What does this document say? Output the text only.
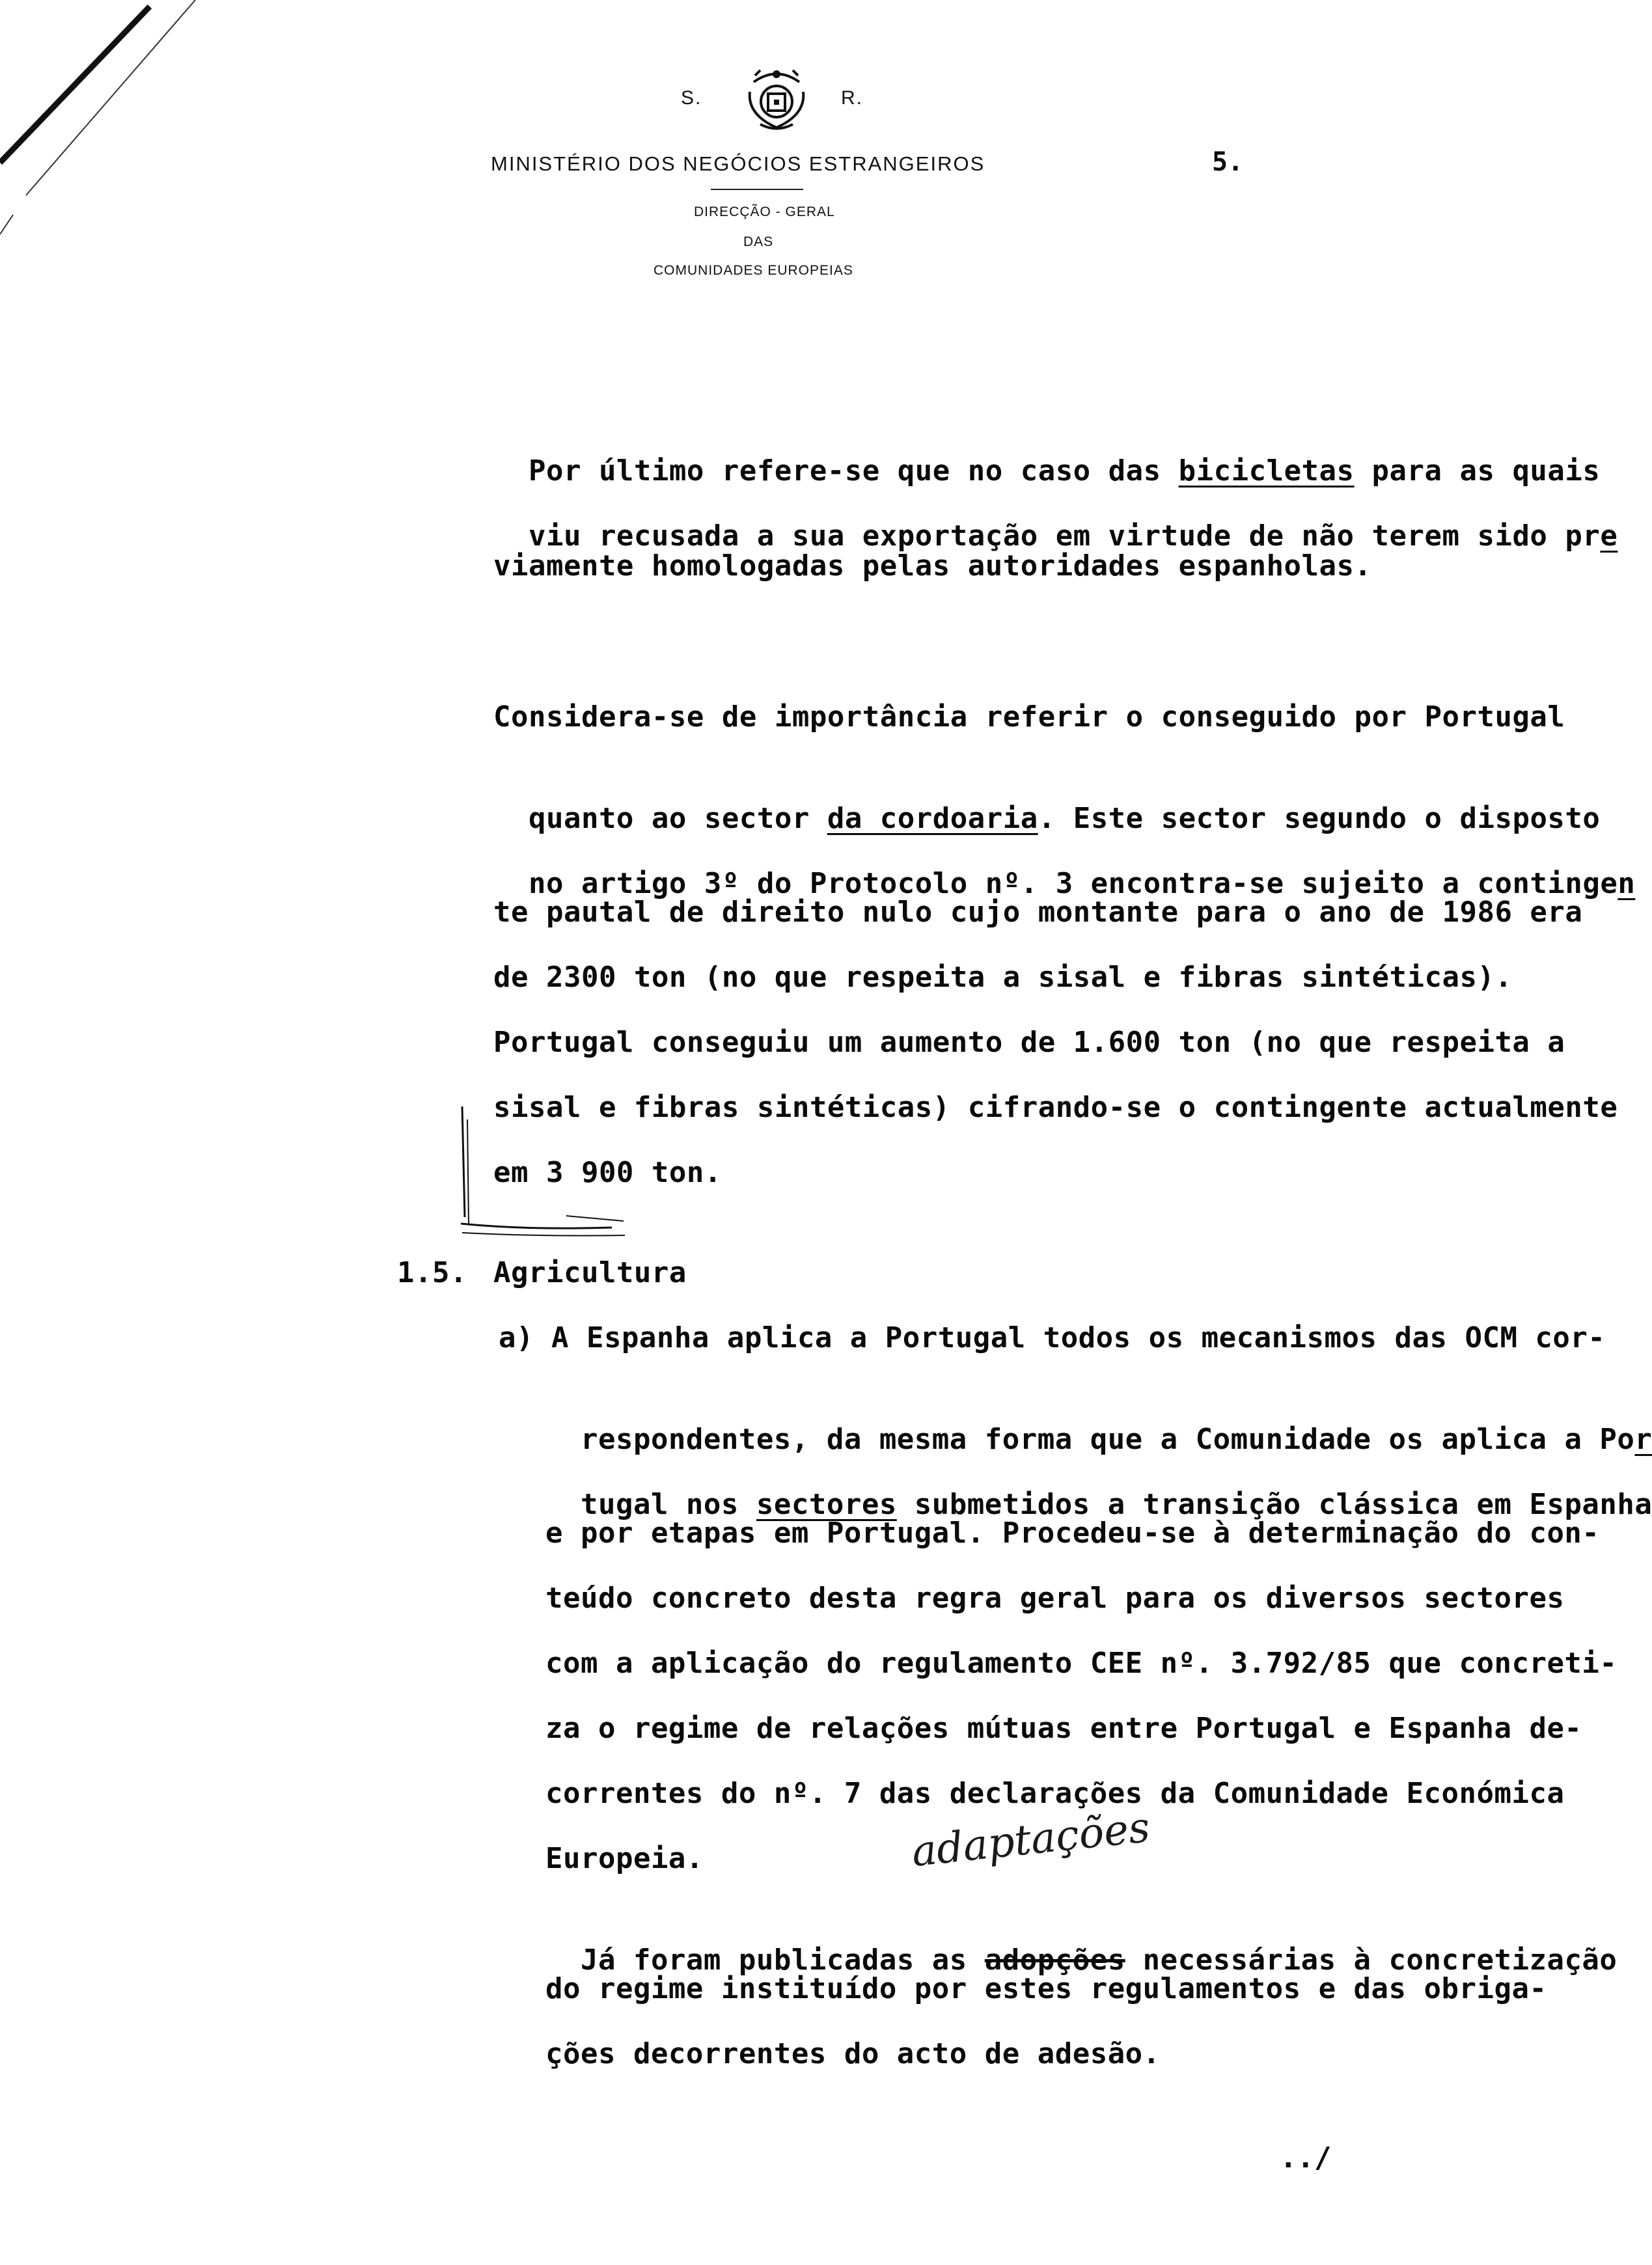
S.	R.
MINISTÉRIO DOS NEGÓCIOS ESTRANGEIROS	5.
DIRECÇÃO - GERAL
DAS
COMUNIDADES EUROPEIAS

Por último refere-se que no caso das bicicletas para as quais

viu recusada a sua exportação em virtude de não terem sido pre

viamente homologadas pelas autoridades espanholas.
Considera-se de importância referir o conseguido por Portugal

quanto ao sector da cordoaria. Este sector segundo o disposto

no artigo 3º do Protocolo nº. 3 encontra-se sujeito a contingen

te pautal de direito nulo cujo montante para o ano de 1986 era
de 2300 ton (no que respeita a sisal e fibras sintéticas).
Portugal conseguiu um aumento de 1.600 ton (no que respeita a
sisal e fibras sintéticas) cifrando-se o contingente actualmente
em 3 900 ton.
1.5. Agricultura
a) A Espanha aplica a Portugal todos os mecanismos das OCM cor-

respondentes, da mesma forma que a Comunidade os aplica a Por

tugal nos sectores submetidos a transição clássica em Espanha

e por etapas em Portugal. Procedeu-se à determinação do con-
teúdo concreto desta regra geral para os diversos sectores
com a aplicação do regulamento CEE nº. 3.792/85 que concreti-
za o regime de relações mútuas entre Portugal e Espanha de-
correntes do nº. 7 das declarações da Comunidade Económica
Europeia.	adaptações

Já foram publicadas as adopções necessárias à concretização

do regime instituído por estes regulamentos e das obriga-
ções decorrentes do acto de adesão.
../
